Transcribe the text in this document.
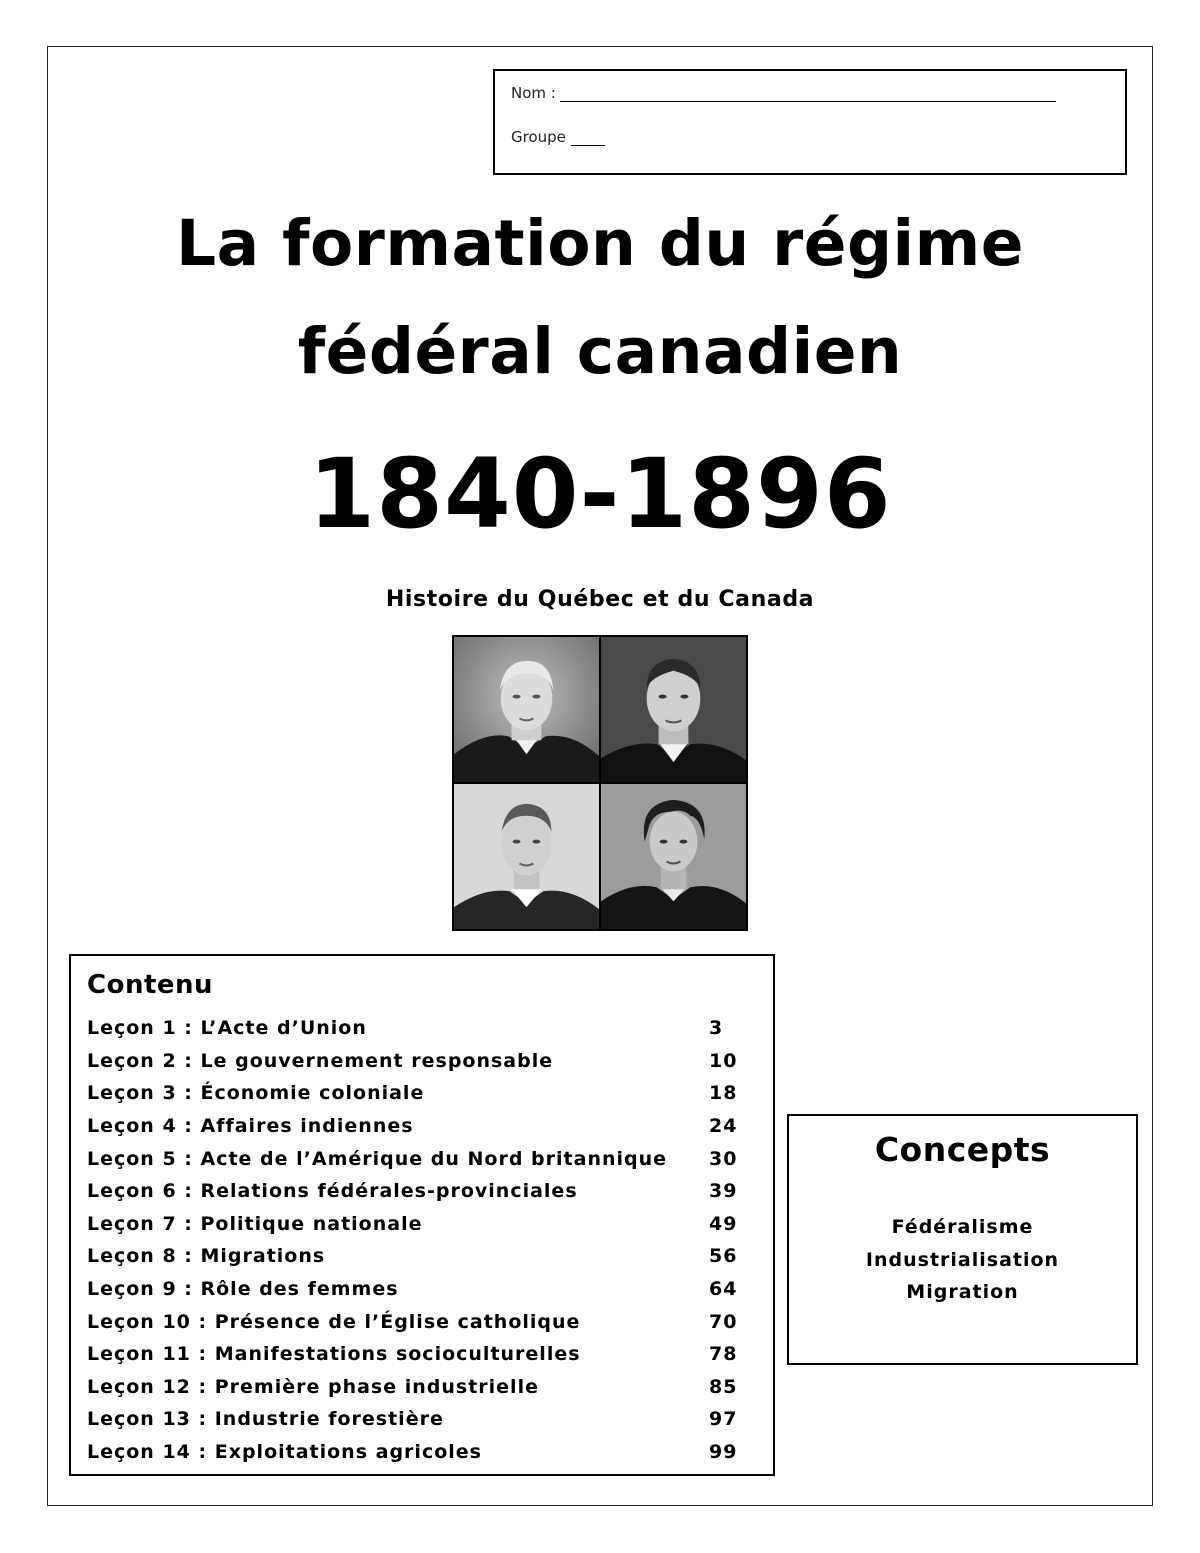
Nom :
Groupe
La formation du régime
fédéral canadien
1840-1896
Histoire du Québec et du Canada
Contenu
Leçon 1 : L’Acte d’Union	3
Leçon 2 : Le gouvernement responsable	10
Leçon 3 : Économie coloniale	18
Leçon 4 : Affaires indiennes	24
Leçon 5 : Acte de l’Amérique du Nord britannique	30
Leçon 6 : Relations fédérales-provinciales	39
Leçon 7 : Politique nationale	49
Leçon 8 : Migrations	56
Leçon 9 : Rôle des femmes	64
Leçon 10 : Présence de l’Église catholique	70
Leçon 11 : Manifestations socioculturelles	78
Leçon 12 : Première phase industrielle	85
Leçon 13 : Industrie forestière	97
Leçon 14 : Exploitations agricoles	99
Concepts
Fédéralisme
Industrialisation
Migration
